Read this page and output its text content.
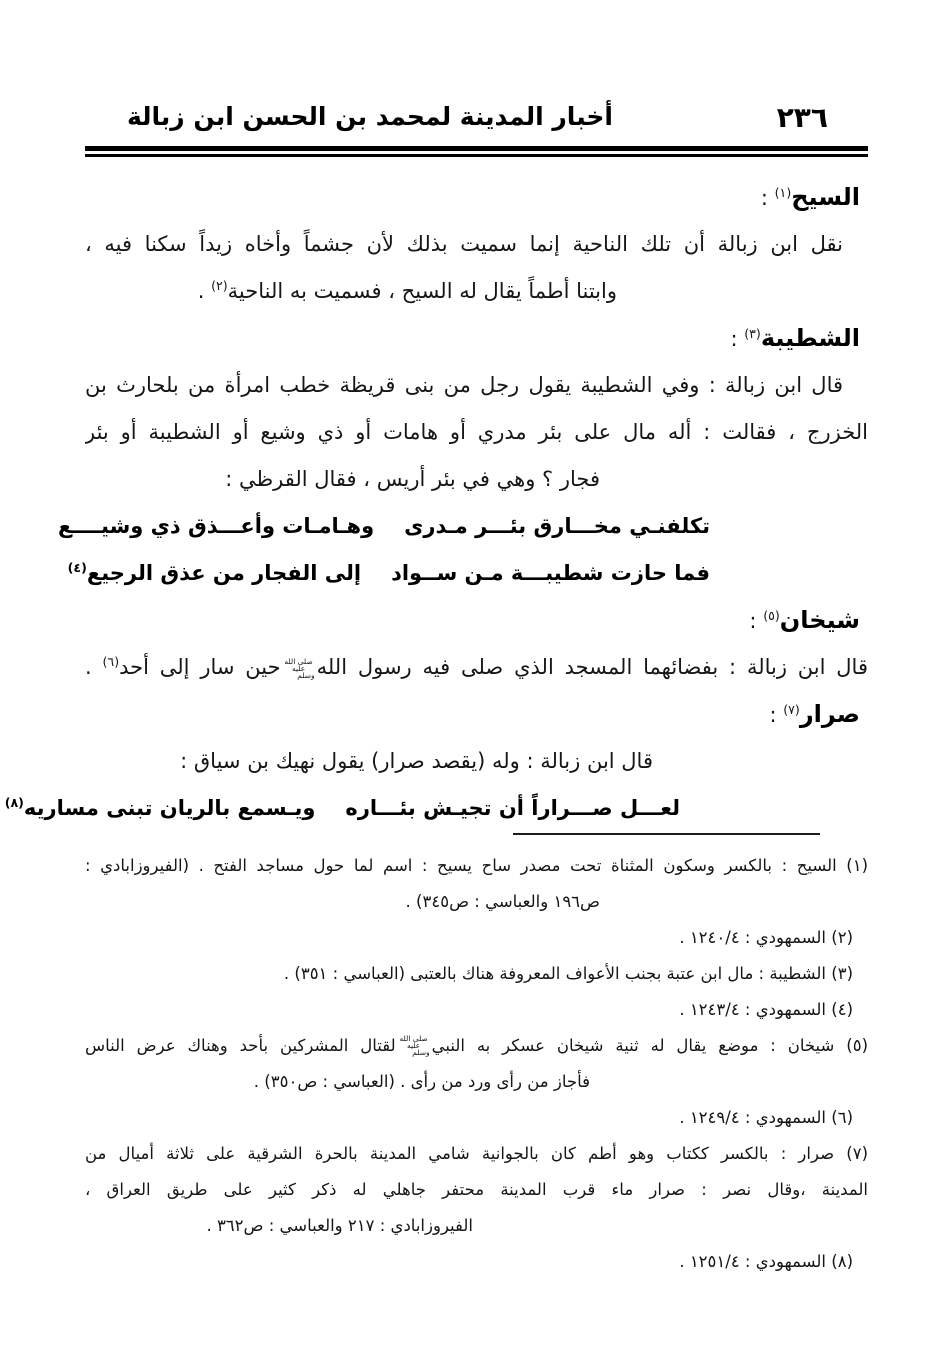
أخبار المدينة لمحمد بن الحسن ابن زبالة	٢٣٦
السيح$^{(١)}$ :
نقل ابن زبالة أن تلك الناحية إنما سميت بذلك لأن جشماً وأخاه زيداً سكنا فيه ،
وابتنا أطماً يقال له السيح ، فسميت به الناحية$^{(٢)}$ .
الشطيبة$^{(٣)}$ :
قال ابن زبالة : وفي الشطيبة يقول رجل من بنى قريظة خطب امرأة من بلحارث بن
الخزرج ، فقالت : أله مال على بئر مدري أو هامات أو ذي وشيع أو الشطيبة أو بئر
فجار ؟ وهي في بئر أريس ، فقال القرظي :
تكلفنـي مخـــارق بئـــر مـدرى
وهـامـات وأعـــذق ذي وشيــــع
فما حازت شطيبـــة مـن ســواد
إلى الفجار من عذق الرجيع$^{(٤)}$
شيخان$^{(٥)}$ :
قال ابن زبالة : بفضائهما المسجد الذي صلى فيه رسول اللهصلى الله عليه وسلمحين سار إلى أحد$^{(٦)}$ .
صرار$^{(٧)}$ :
قال ابن زبالة : وله (يقصد صرار) يقول نهيك بن سياق :
لعـــل صـــراراً أن تجيـش بئـــاره
ويـسمع بالريان تبنى مساريه$^{(٨)}$
(١) السيح : بالكسر وسكون المثناة تحت مصدر ساح يسيح : اسم لما حول مساجد الفتح . (الفيروزابادي :
ص١٩٦ والعباسي : ص٣٤٥) .
(٢) السمهودي : ١٢٤٠/٤ .
(٣) الشطيبة : مال ابن عتبة بجنب الأعواف المعروفة هناك بالعتبى (العباسي : ٣٥١) .
(٤) السمهودي : ١٢٤٣/٤ .
(٥) شيخان : موضع يقال له ثنية شيخان عسكر به النبيصلى الله عليه وسلملقتال المشركين بأحد وهناك عرض الناس
فأجاز من رأى ورد من رأى . (العباسي : ص٣٥٠) .
(٦) السمهودي : ١٢٤٩/٤ .
(٧) صرار : بالكسر ككتاب وهو أطم كان بالجوانية شامي المدينة بالحرة الشرقية على ثلاثة أميال من
المدينة ،وقال نصر : صرار ماء قرب المدينة محتفر جاهلي له ذكر كثير على طريق العراق ،
الفيروزابادي : ٢١٧ والعباسي : ص٣٦٢ .
(٨) السمهودي : ١٢٥١/٤ .
